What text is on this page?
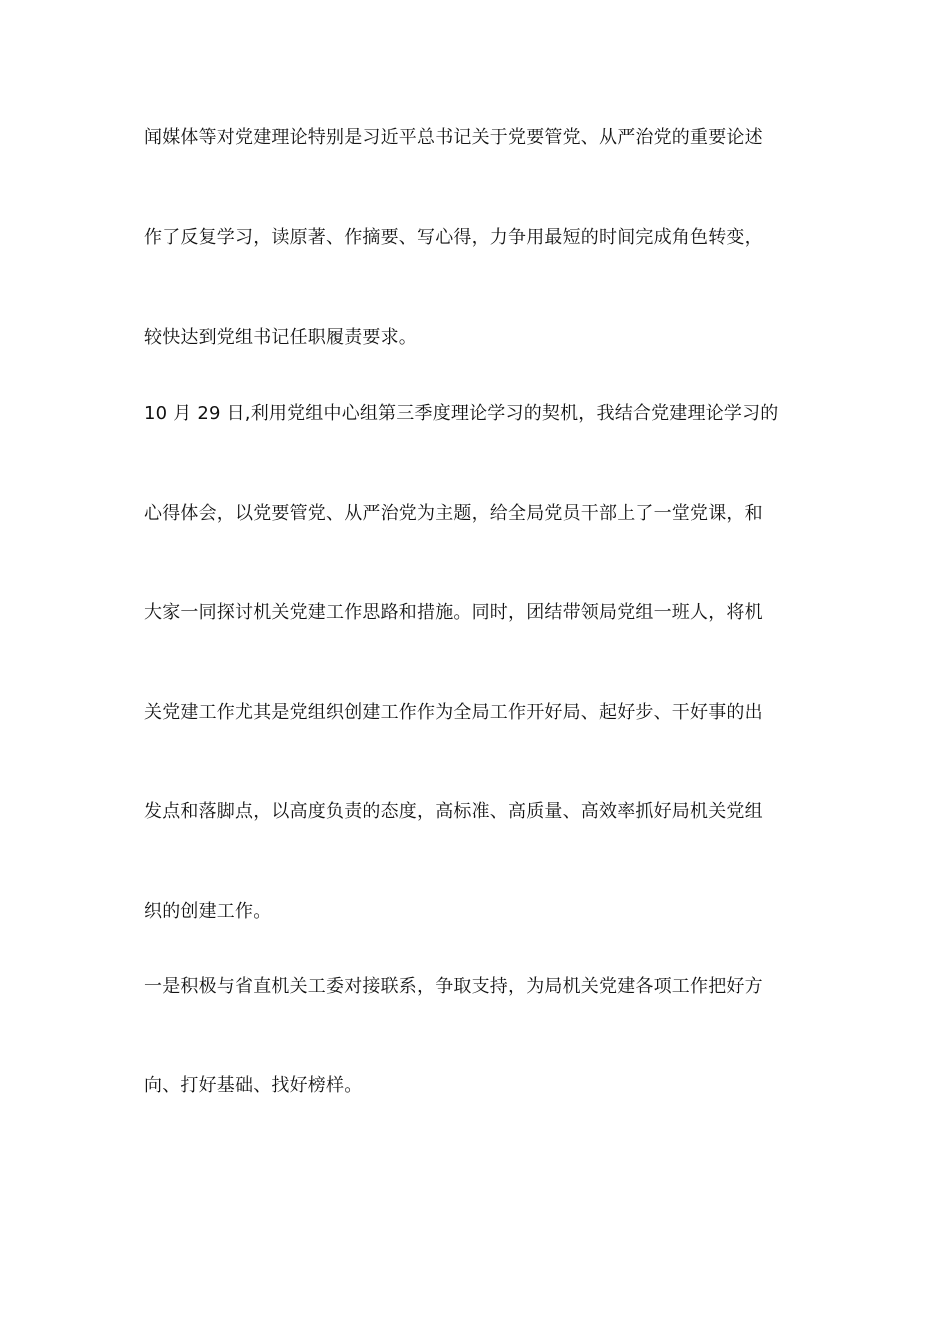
闻媒体等对党建理论特别是习近平总书记关于党要管党、从严治党的重要论述
作了反复学习，读原著、作摘要、写心得，力争用最短的时间完成角色转变，
较快达到党组书记任职履责要求。
10 月 29 日,利用党组中心组第三季度理论学习的契机，我结合党建理论学习的
心得体会，以党要管党、从严治党为主题，给全局党员干部上了一堂党课，和
大家一同探讨机关党建工作思路和措施。同时，团结带领局党组一班人，将机
关党建工作尤其是党组织创建工作作为全局工作开好局、起好步、干好事的出
发点和落脚点，以高度负责的态度，高标准、高质量、高效率抓好局机关党组
织的创建工作。
一是积极与省直机关工委对接联系，争取支持，为局机关党建各项工作把好方
向、打好基础、找好榜样。
